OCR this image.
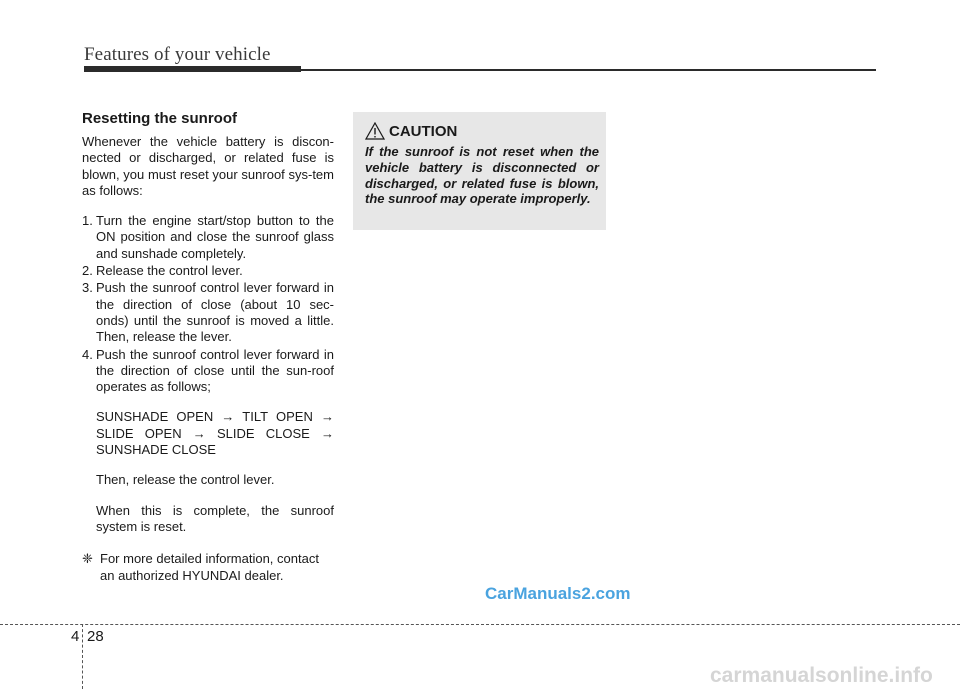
Features of your vehicle
Resetting the sunroof
Whenever the vehicle battery is discon-nected or discharged, or related fuse is blown, you must reset your sunroof sys-tem as follows:
1. Turn the engine start/stop button to the ON position and close the sunroof glass and sunshade completely.
2. Release the control lever.
3. Push the sunroof control lever forward in the direction of close (about 10 sec-onds) until the sunroof is moved a little. Then, release the lever.
4. Push the sunroof control lever forward in the direction of close until the sun-roof operates as follows;
SUNSHADE OPEN → TILT OPEN → SLIDE OPEN → SLIDE CLOSE → SUNSHADE CLOSE
Then, release the control lever.
When this is complete, the sunroof system is reset.
❈ For more detailed information, contact an authorized HYUNDAI dealer.
CAUTION
If the sunroof is not reset when the vehicle battery is disconnected or discharged, or related fuse is blown, the sunroof may operate improperly.
CarManuals2.com
4 28
carmanualsonline.info
